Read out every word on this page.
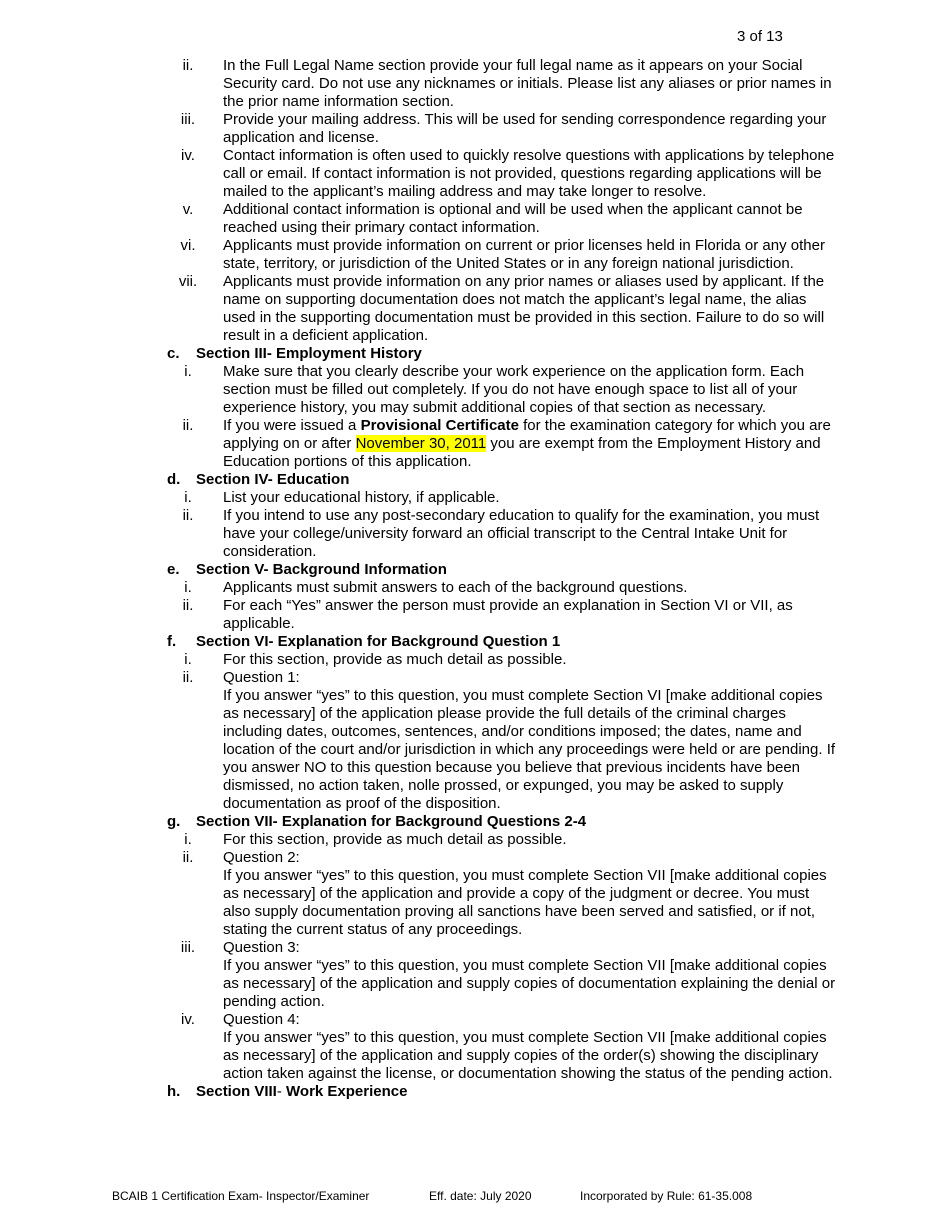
3 of 13
ii.	In the Full Legal Name section provide your full legal name as it appears on your Social Security card. Do not use any nicknames or initials. Please list any aliases or prior names in the prior name information section.
iii.	Provide your mailing address. This will be used for sending correspondence regarding your application and license.
iv.	Contact information is often used to quickly resolve questions with applications by telephone call or email. If contact information is not provided, questions regarding applications will be mailed to the applicant’s mailing address and may take longer to resolve.
v.	Additional contact information is optional and will be used when the applicant cannot be reached using their primary contact information.
vi.	Applicants must provide information on current or prior licenses held in Florida or any other state, territory, or jurisdiction of the United States or in any foreign national jurisdiction.
vii.	Applicants must provide information on any prior names or aliases used by applicant. If the name on supporting documentation does not match the applicant’s legal name, the alias used in the supporting documentation must be provided in this section. Failure to do so will result in a deficient application.
c. Section III- Employment History
i.	Make sure that you clearly describe your work experience on the application form. Each section must be filled out completely. If you do not have enough space to list all of your experience history, you may submit additional copies of that section as necessary.
ii.	If you were issued a Provisional Certificate for the examination category for which you are applying on or after November 30, 2011 you are exempt from the Employment History and Education portions of this application.
d. Section IV- Education
i.	List your educational history, if applicable.
ii.	If you intend to use any post-secondary education to qualify for the examination, you must have your college/university forward an official transcript to the Central Intake Unit for consideration.
e. Section V- Background Information
i.	Applicants must submit answers to each of the background questions.
ii.	For each “Yes” answer the person must provide an explanation in Section VI or VII, as applicable.
f. Section VI- Explanation for Background Question 1
i.	For this section, provide as much detail as possible.
ii.	Question 1:
If you answer “yes” to this question, you must complete Section VI [make additional copies as necessary] of the application please provide the full details of the criminal charges including dates, outcomes, sentences, and/or conditions imposed; the dates, name and location of the court and/or jurisdiction in which any proceedings were held or are pending. If you answer NO to this question because you believe that previous incidents have been dismissed, no action taken, nolle prossed, or expunged, you may be asked to supply documentation as proof of the disposition.
g. Section VII- Explanation for Background Questions 2-4
i.	For this section, provide as much detail as possible.
ii.	Question 2:
If you answer “yes” to this question, you must complete Section VII [make additional copies as necessary] of the application and provide a copy of the judgment or decree. You must also supply documentation proving all sanctions have been served and satisfied, or if not, stating the current status of any proceedings.
iii.	Question 3:
If you answer “yes” to this question, you must complete Section VII [make additional copies as necessary] of the application and supply copies of documentation explaining the denial or pending action.
iv.	Question 4:
If you answer “yes” to this question, you must complete Section VII [make additional copies as necessary] of the application and supply copies of the order(s) showing the disciplinary action taken against the license, or documentation showing the status of the pending action.
h. Section VIII- Work Experience
BCAIB 1 Certification Exam- Inspector/Examiner	Eff. date: July 2020	Incorporated by Rule: 61-35.008
